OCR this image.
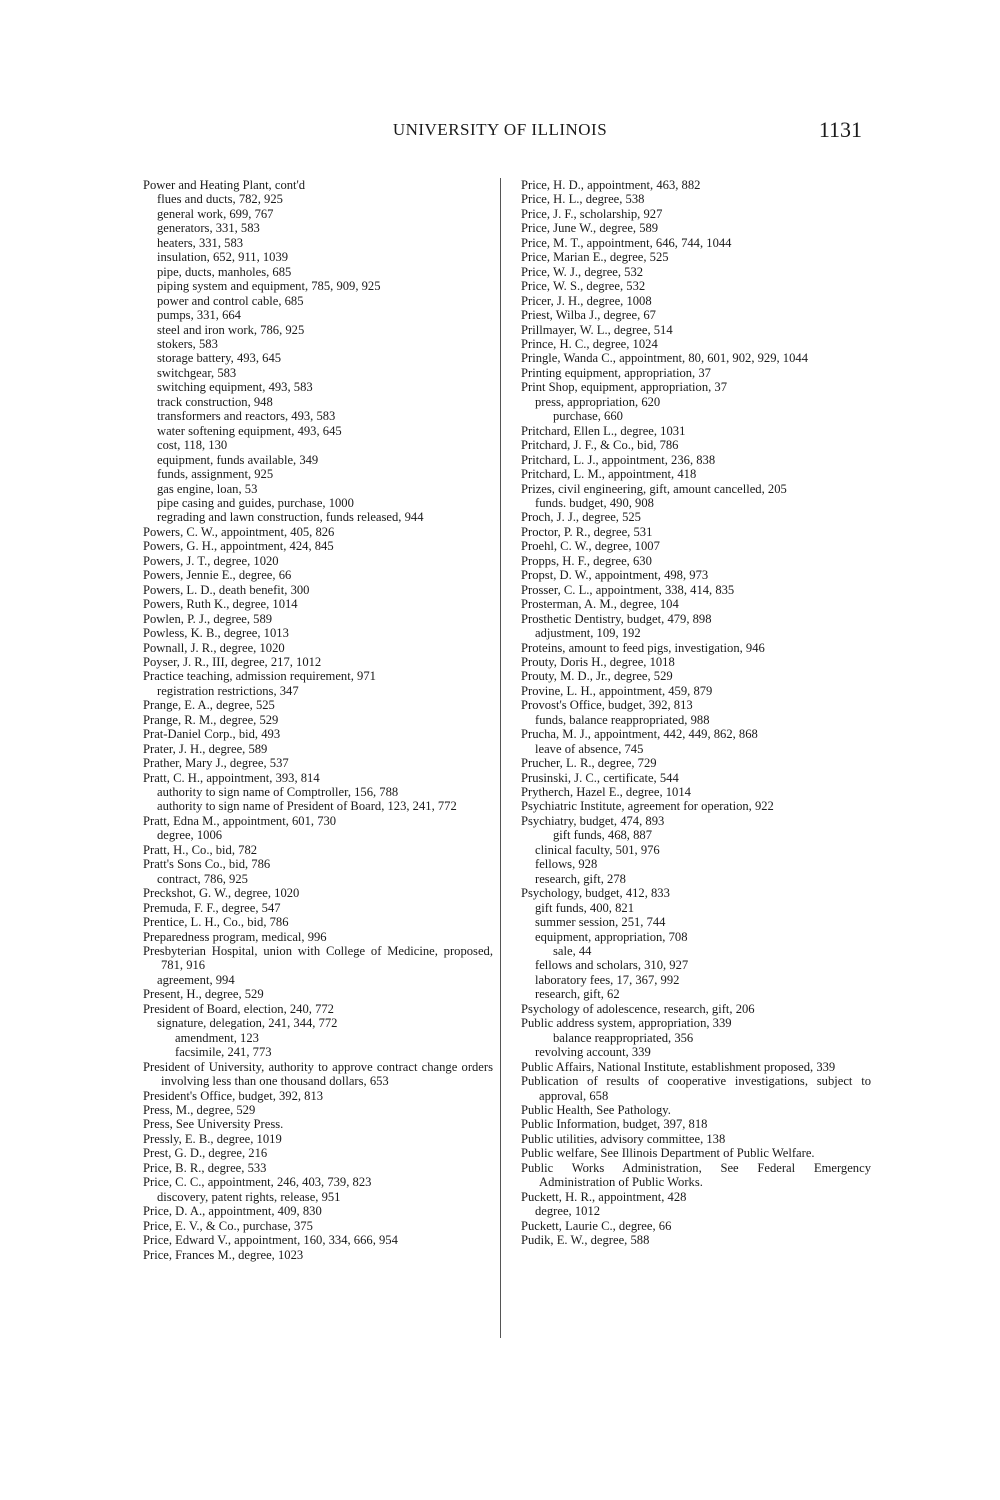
UNIVERSITY OF ILLINOIS	1131

Power and Heating Plant, cont'd

flues and ducts, 782, 925

general work, 699, 767

generators, 331, 583

heaters, 331, 583

insulation, 652, 911, 1039

pipe, ducts, manholes, 685

piping system and equipment, 785, 909, 925

power and control cable, 685

pumps, 331, 664

steel and iron work, 786, 925

stokers, 583

storage battery, 493, 645

switchgear, 583

switching equipment, 493, 583

track construction, 948

transformers and reactors, 493, 583

water softening equipment, 493, 645

cost, 118, 130

equipment, funds available, 349

funds, assignment, 925

gas engine, loan, 53

pipe casing and guides, purchase, 1000

regrading and lawn construction, funds released, 944

Powers, C. W., appointment, 405, 826

Powers, G. H., appointment, 424, 845

Powers, J. T., degree, 1020

Powers, Jennie E., degree, 66

Powers, L. D., death benefit, 300

Powers, Ruth K., degree, 1014

Powlen, P. J., degree, 589

Powless, K. B., degree, 1013

Pownall, J. R., degree, 1020

Poyser, J. R., III, degree, 217, 1012

Practice teaching, admission requirement, 971

registration restrictions, 347

Prange, E. A., degree, 525

Prange, R. M., degree, 529

Prat-Daniel Corp., bid, 493

Prater, J. H., degree, 589

Prather, Mary J., degree, 537

Pratt, C. H., appointment, 393, 814

authority to sign name of Comptroller, 156, 788

authority to sign name of President of Board, 123, 241, 772

Pratt, Edna M., appointment, 601, 730

degree, 1006

Pratt, H., Co., bid, 782

Pratt's Sons Co., bid, 786

contract, 786, 925

Preckshot, G. W., degree, 1020

Premuda, F. F., degree, 547

Prentice, L. H., Co., bid, 786

Preparedness program, medical, 996

Presbyterian Hospital, union with College of Medicine, proposed, 781, 916

agreement, 994

Present, H., degree, 529

President of Board, election, 240, 772

signature, delegation, 241, 344, 772

amendment, 123

facsimile, 241, 773

President of University, authority to approve contract change orders involving less than one thousand dollars, 653

President's Office, budget, 392, 813

Press, M., degree, 529

Press, See University Press.

Pressly, E. B., degree, 1019

Prest, G. D., degree, 216

Price, B. R., degree, 533

Price, C. C., appointment, 246, 403, 739, 823

discovery, patent rights, release, 951

Price, D. A., appointment, 409, 830

Price, E. V., & Co., purchase, 375

Price, Edward V., appointment, 160, 334, 666, 954

Price, Frances M., degree, 1023

Price, H. D., appointment, 463, 882

Price, H. L., degree, 538

Price, J. F., scholarship, 927

Price, June W., degree, 589

Price, M. T., appointment, 646, 744, 1044

Price, Marian E., degree, 525

Price, W. J., degree, 532

Price, W. S., degree, 532

Pricer, J. H., degree, 1008

Priest, Wilba J., degree, 67

Prillmayer, W. L., degree, 514

Prince, H. C., degree, 1024

Pringle, Wanda C., appointment, 80, 601, 902, 929, 1044

Printing equipment, appropriation, 37

Print Shop, equipment, appropriation, 37

press, appropriation, 620

purchase, 660

Pritchard, Ellen L., degree, 1031

Pritchard, J. F., & Co., bid, 786

Pritchard, L. J., appointment, 236, 838

Pritchard, L. M., appointment, 418

Prizes, civil engineering, gift, amount cancelled, 205

funds. budget, 490, 908

Proch, J. J., degree, 525

Proctor, P. R., degree, 531

Proehl, C. W., degree, 1007

Propps, H. F., degree, 630

Propst, D. W., appointment, 498, 973

Prosser, C. L., appointment, 338, 414, 835

Prosterman, A. M., degree, 104

Prosthetic Dentistry, budget, 479, 898

adjustment, 109, 192

Proteins, amount to feed pigs, investigation, 946

Prouty, Doris H., degree, 1018

Prouty, M. D., Jr., degree, 529

Provine, L. H., appointment, 459, 879

Provost's Office, budget, 392, 813

funds, balance reappropriated, 988

Prucha, M. J., appointment, 442, 449, 862, 868

leave of absence, 745

Prucher, L. R., degree, 729

Prusinski, J. C., certificate, 544

Prytherch, Hazel E., degree, 1014

Psychiatric Institute, agreement for operation, 922

Psychiatry, budget, 474, 893

gift funds, 468, 887

clinical faculty, 501, 976

fellows, 928

research, gift, 278

Psychology, budget, 412, 833

gift funds, 400, 821

summer session, 251, 744

equipment, appropriation, 708

sale, 44

fellows and scholars, 310, 927

laboratory fees, 17, 367, 992

research, gift, 62

Psychology of adolescence, research, gift, 206

Public address system, appropriation, 339

balance reappropriated, 356

revolving account, 339

Public Affairs, National Institute, establishment proposed, 339

Publication of results of cooperative investigations, subject to approval, 658

Public Health, See Pathology.

Public Information, budget, 397, 818

Public utilities, advisory committee, 138

Public welfare, See Illinois Department of Public Welfare.

Public Works Administration, See Federal Emergency Administration of Public Works.

Puckett, H. R., appointment, 428

degree, 1012

Puckett, Laurie C., degree, 66

Pudik, E. W., degree, 588
